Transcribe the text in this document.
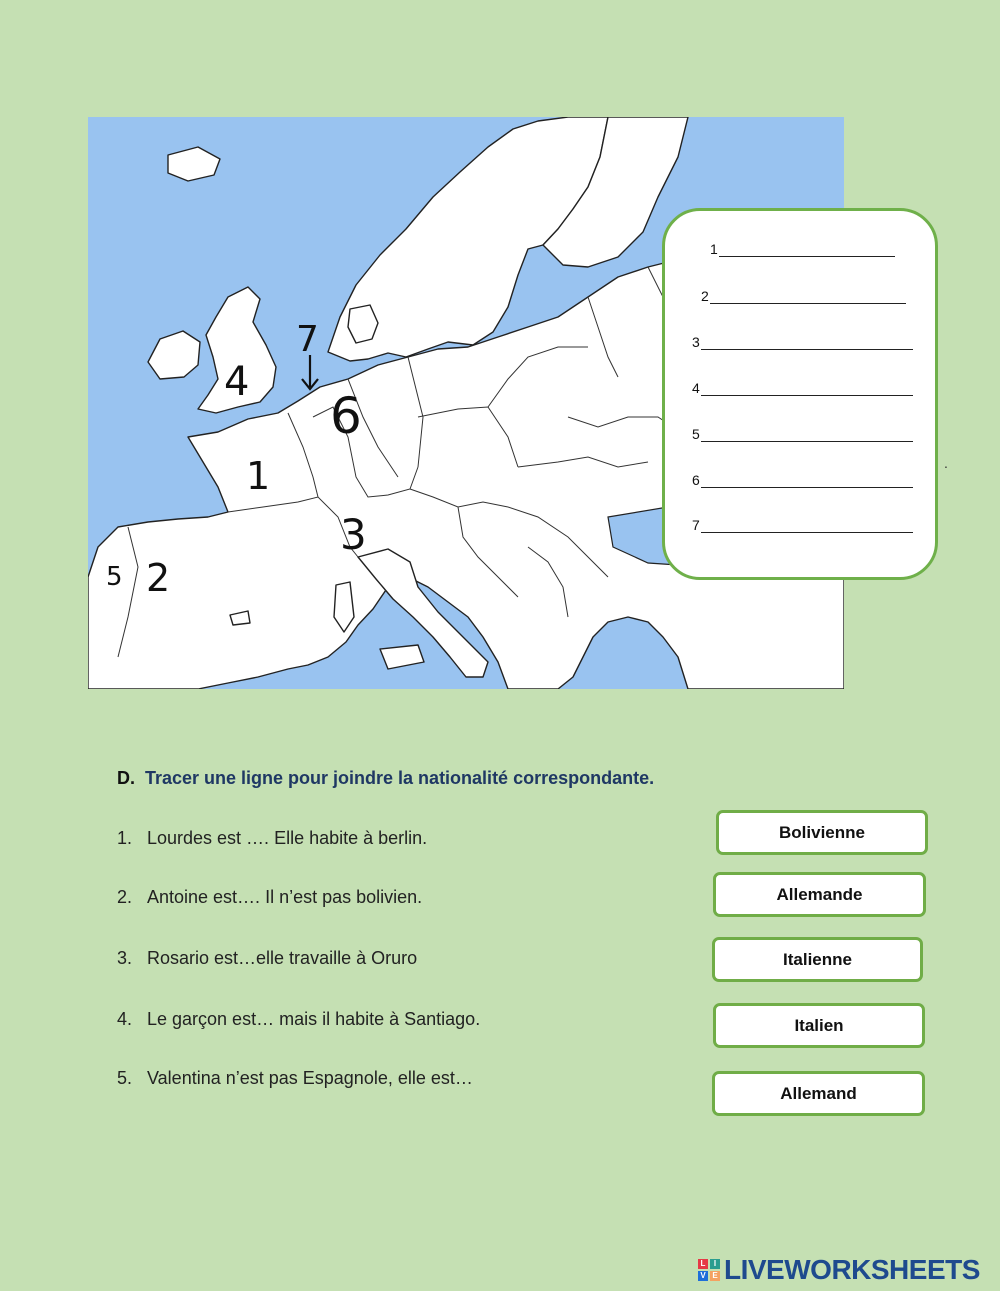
1
2
3
4
5
6
7
1
2
3
4
5
6
7
.
D. Tracer une ligne pour joindre la nationalité correspondante.
1. Lourdes est …. Elle habite à berlin.
2. Antoine est…. Il n’est pas bolivien.
3. Rosario est…elle travaille à Oruro
4. Le garçon est… mais il habite à Santiago.
5. Valentina n’est pas Espagnole, elle est…
Bolivienne
Allemande
Italienne
Italien
Allemand
L	I
V E LIVEWORKSHEETS
